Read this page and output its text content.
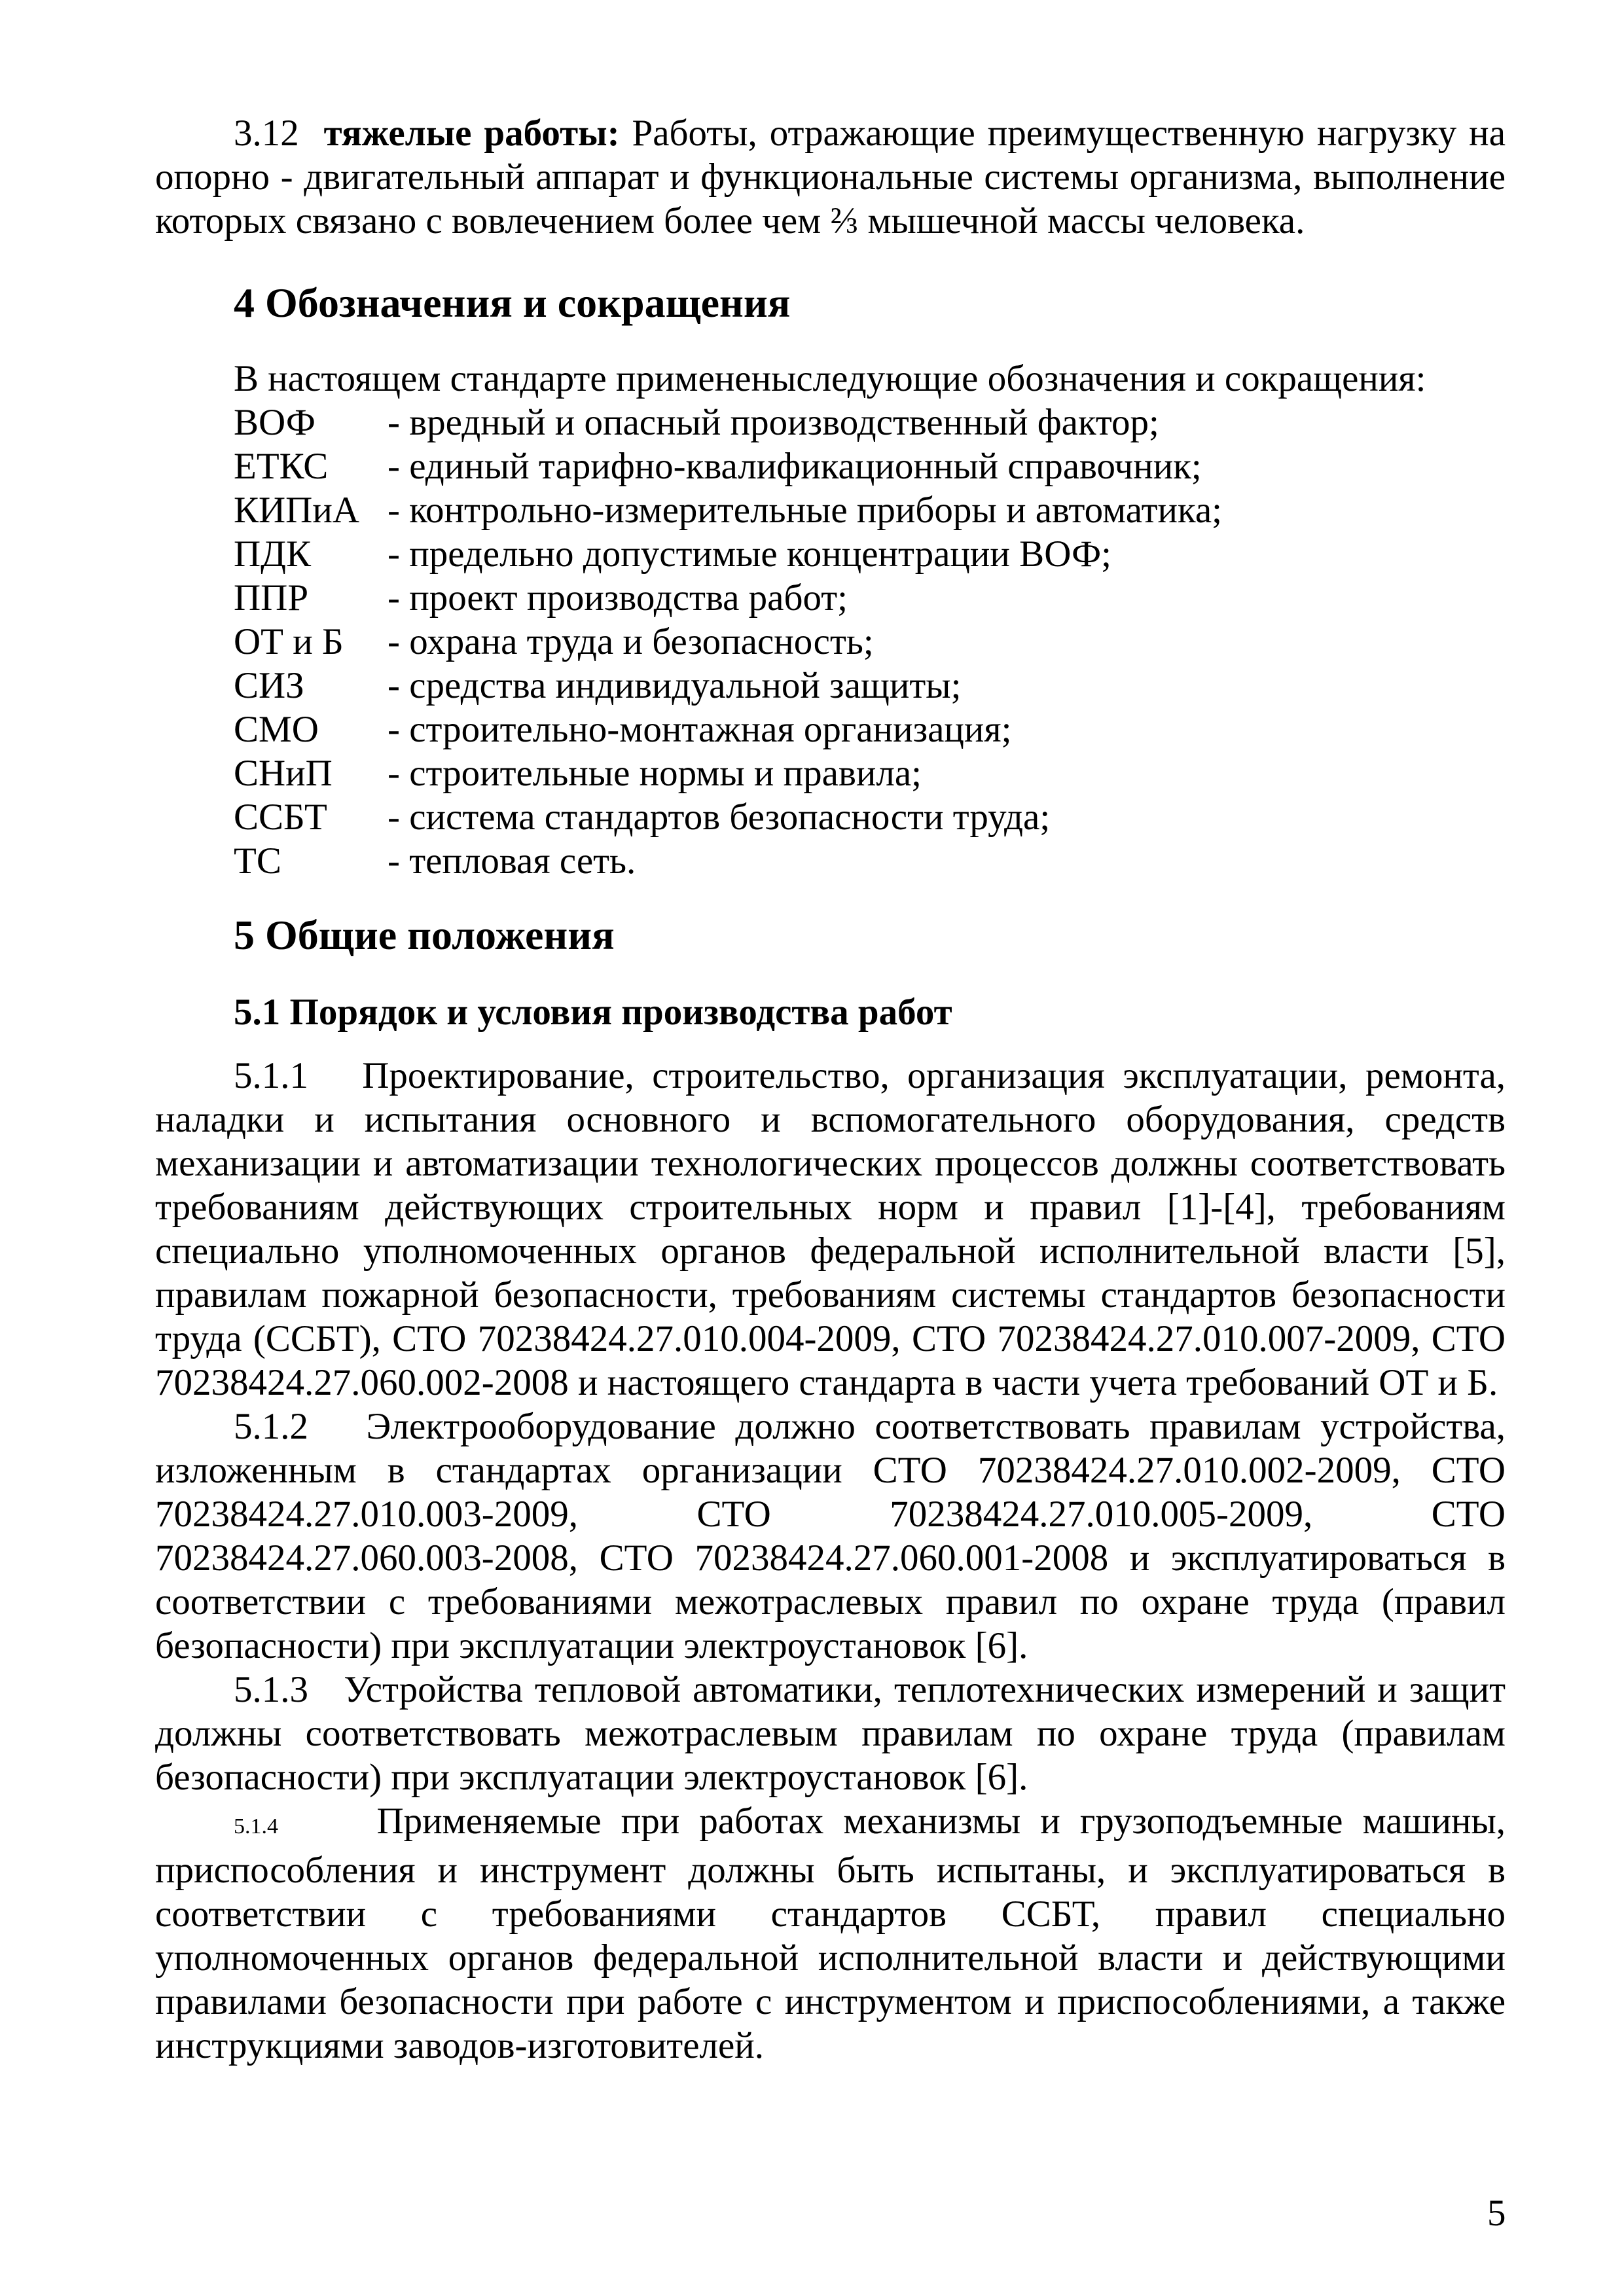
3.12 тяжелые работы: Работы, отражающие преимущественную нагрузку на опорно - двигательный аппарат и функциональные системы организма, выполнение которых связано с вовлечением более чем ⅔ мышечной массы человека.

4 Обозначения и сокращения

В настоящем стандарте примененыследующие обозначения и сокращения:

ВОФ	- вредный и опасный производственный фактор;
ЕТКС	- единый тарифно-квалификационный справочник;
КИПиА - контрольно-измерительные приборы и автоматика;
ПДК	- предельно допустимые концентрации ВОФ;
ППР	- проект производства работ;
ОТ и Б	- охрана труда и безопасность;
СИЗ	- средства индивидуальной защиты;
СМО	- строительно-монтажная организация;
СНиП	- строительные нормы и правила;
ССБТ	- система стандартов безопасности труда;
ТС	- тепловая сеть.
5 Общие положения
5.1 Порядок и условия производства работ

5.1.1 Проектирование, строительство, организация эксплуатации, ремонта, наладки и испытания основного и вспомогательного оборудования, средств механизации и автоматизации технологических процессов должны соответствовать требованиям действующих строительных норм и правил [1]-[4], требованиям специально уполномоченных органов федеральной исполнительной власти [5], правилам пожарной безопасности, требованиям системы стандартов безопасности труда (ССБТ), СТО 70238424.27.010.004-2009, СТО 70238424.27.010.007-2009, СТО 70238424.27.060.002-2008 и настоящего стандарта в части учета требований ОТ и Б.

5.1.2 Электрооборудование должно соответствовать правилам устройства, изложенным в стандартах организации СТО 70238424.27.010.002-2009, СТО 70238424.27.010.003-2009, СТО 70238424.27.010.005-2009, СТО 70238424.27.060.003-2008, СТО 70238424.27.060.001-2008 и эксплуатироваться в соответствии с требованиями межотраслевых правил по охране труда (правил безопасности) при эксплуатации электроустановок [6].

5.1.3 Устройства тепловой автоматики, теплотехнических измерений и защит должны соответствовать межотраслевым правилам по охране труда (правилам безопасности) при эксплуатации электроустановок [6].

5.1.4	Применяемые при работах механизмы и грузоподъемные машины, приспособления и инструмент должны быть испытаны, и эксплуатироваться в соответствии с требованиями стандартов ССБТ, правил специально уполномоченных органов федеральной исполнительной власти и действующими правилами безопасности при работе с инструментом и приспособлениями, а также инструкциями заводов-изготовителей.

5
